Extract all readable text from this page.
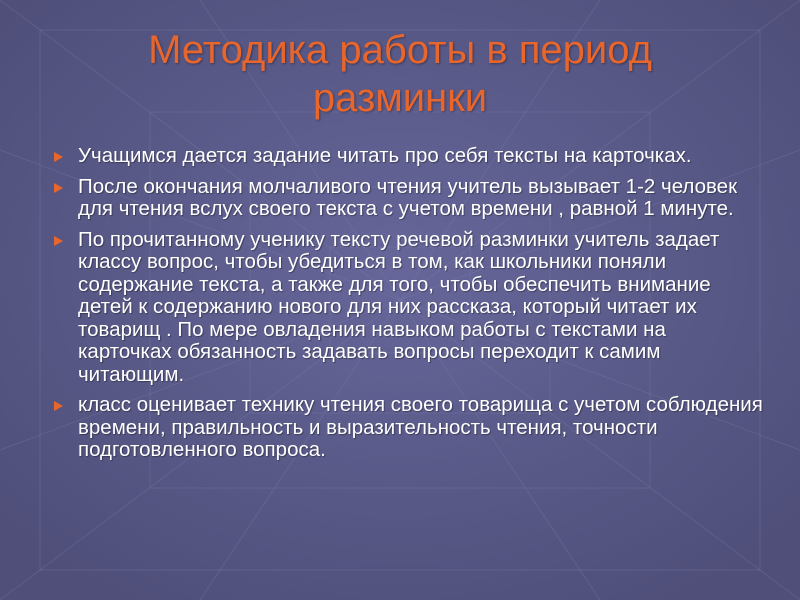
Методика работы в период разминки
Учащимся дается задание читать про себя тексты на карточках.
После окончания молчаливого чтения учитель вызывает 1-2 человек для чтения вслух своего текста с учетом времени , равной 1 минуте.
По прочитанному ученику тексту речевой разминки учитель задает классу вопрос, чтобы убедиться в том, как школьники поняли содержание текста, а также для того, чтобы обеспечить внимание детей к содержанию нового для них рассказа, который читает их товарищ . По мере овладения навыком работы с текстами на карточках обязанность задавать вопросы переходит к самим читающим.
класс оценивает технику чтения своего товарища с учетом соблюдения времени, правильность и выразительность чтения, точности подготовленного вопроса.
